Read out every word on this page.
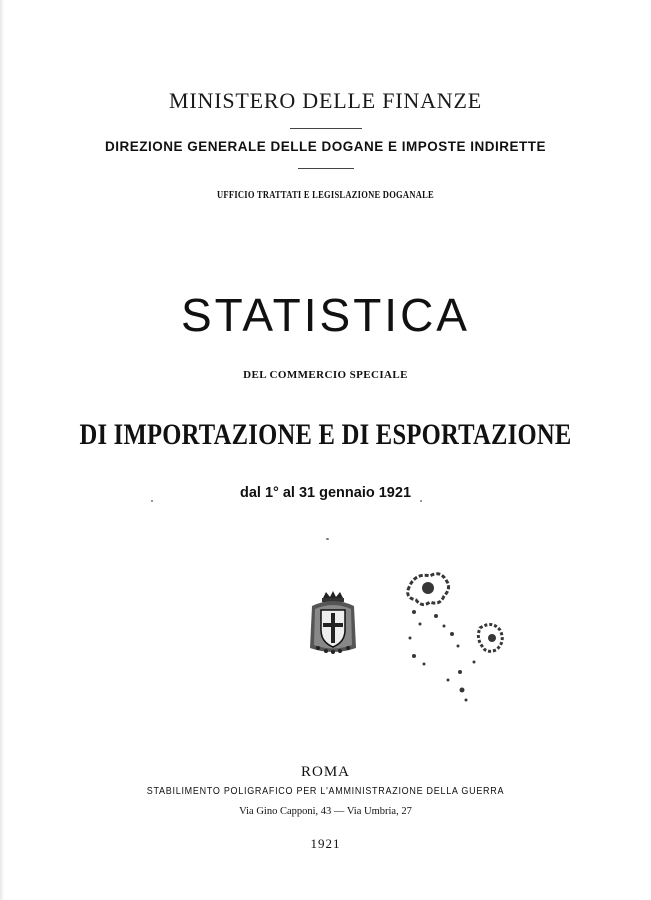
MINISTERO DELLE FINANZE
DIREZIONE GENERALE DELLE DOGANE E IMPOSTE INDIRETTE
UFFICIO TRATTATI E LEGISLAZIONE DOGANALE
STATISTICA
DEL COMMERCIO SPECIALE
DI IMPORTAZIONE E DI ESPORTAZIONE
dal 1° al 31 gennaio 1921
ROMA
STABILIMENTO POLIGRAFICO PER L'AMMINISTRAZIONE DELLA GUERRA
Via Gino Capponi, 43 — Via Umbria, 27
1921
